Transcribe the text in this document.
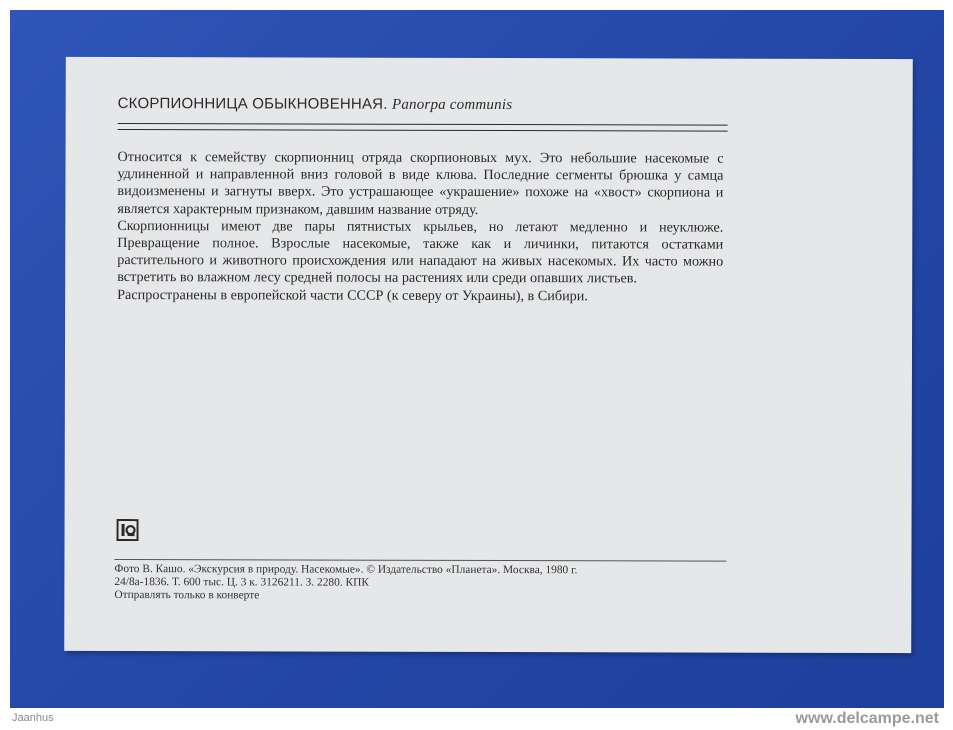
СКОРПИОННИЦА ОБЫКНОВЕННАЯ. Panorpa communis

Относится к семейству скорпионниц отряда скорпионовых мух. Это небольшие насекомые с удлиненной и направленной вниз головой в виде клюва. Последние сегменты брюшка у самца видоизменены и загнуты вверх. Это устрашающее «украшение» похоже на «хвост» скорпиона и является характерным признаком, давшим название отряду.

Скорпионницы имеют две пары пятнистых крыльев, но летают медленно и неуклюже. Превращение полное. Взрослые насекомые, также как и личинки, питаются остатками растительного и животного происхождения или нападают на живых насекомых. Их часто можно встретить во влажном лесу средней полосы на растениях или среди опавших листьев.

Распространены в европейской части СССР (к северу от Украины), в Сибири.

Фото В. Кашо. «Экскурсия в природу. Насекомые». © Издательство «Планета». Москва, 1980 г.
24/8а-1836. Т. 600 тыс. Ц. 3 к. 3126211. З. 2280. КПК
Отправлять только в конверте
Jaanhus	www.delcampe.net
